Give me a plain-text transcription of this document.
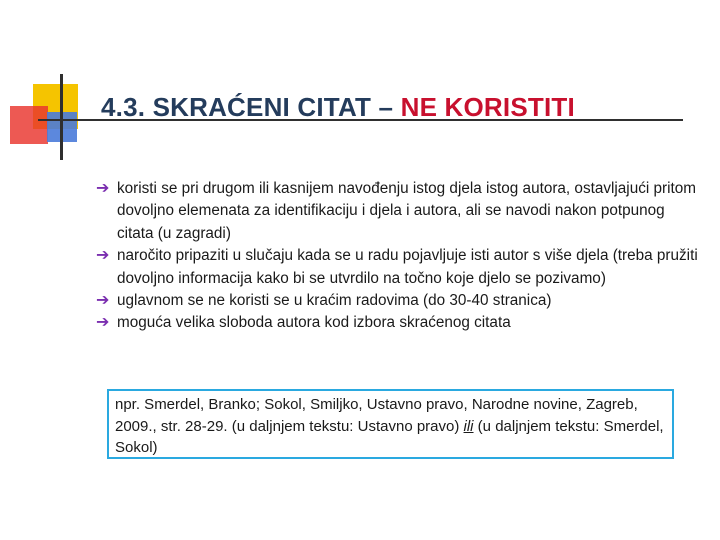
4.3. SKRAĆENI CITAT – NE KORISTITI
➔ koristi se pri drugom ili kasnijem navođenju istog djela istog autora, ostavljajući pritom dovoljno elemenata za identifikaciju i djela i autora, ali se navodi nakon potpunog citata (u zagradi)
➔ naročito pripaziti u slučaju kada se u radu pojavljuje isti autor s više djela (treba pružiti dovoljno informacija kako bi se utvrdilo na točno koje djelo se pozivamo)
➔ uglavnom se ne koristi se u kraćim radovima (do 30-40 stranica)
➔ moguća velika sloboda autora kod izbora skraćenog citata
npr. Smerdel, Branko; Sokol, Smiljko, Ustavno pravo, Narodne novine, Zagreb, 2009., str. 28-29. (u daljnjem tekstu: Ustavno pravo) ili (u daljnjem tekstu: Smerdel, Sokol)
